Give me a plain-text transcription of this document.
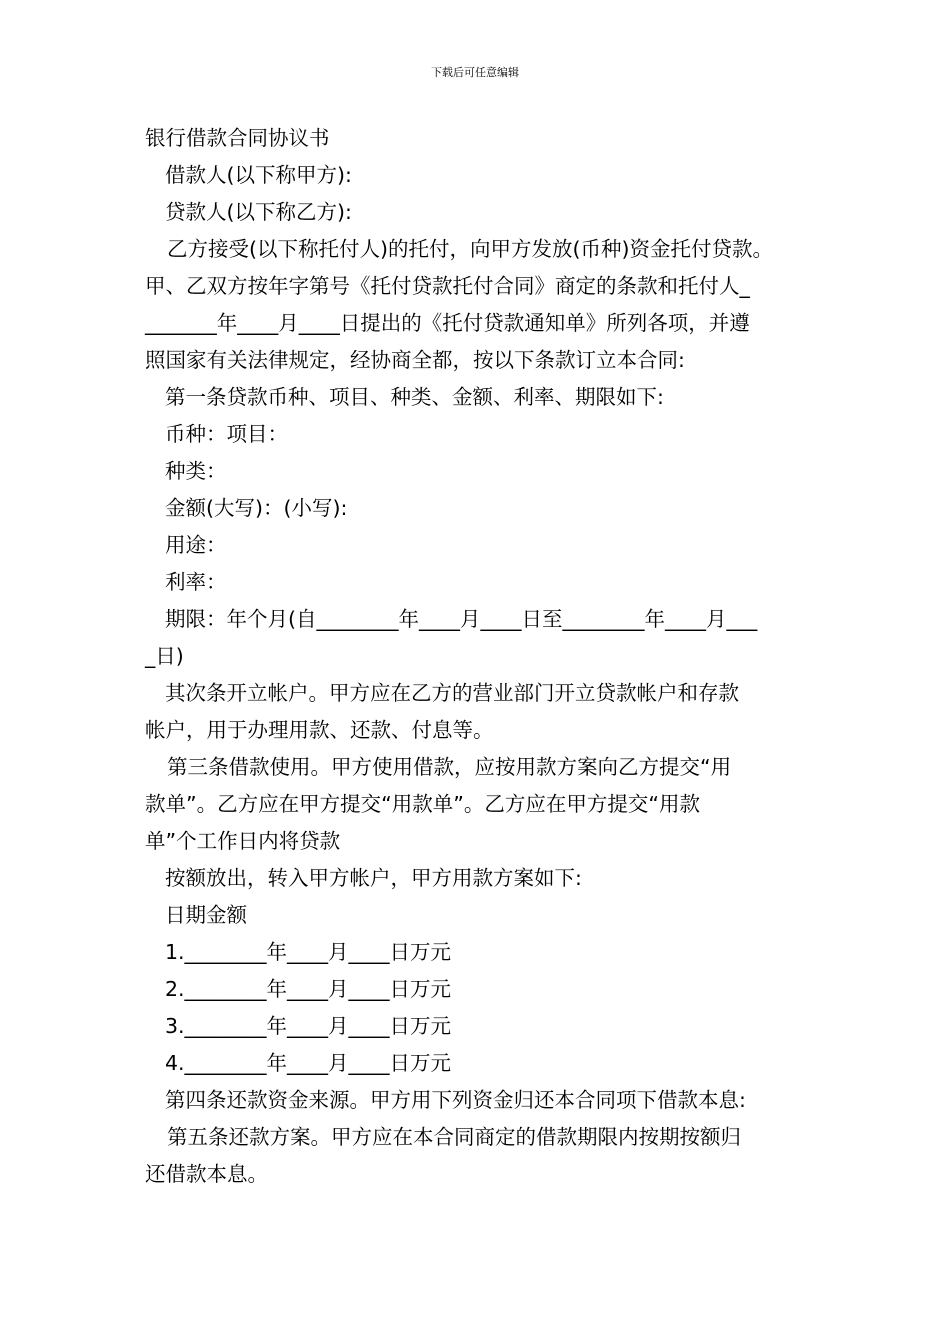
下载后可任意编辑
银行借款合同协议书
借款人(以下称甲方):
贷款人(以下称乙方):
乙方接受(以下称托付人)的托付，向甲方发放(币种)资金托付贷款。
甲、乙双方按年字第号《托付贷款托付合同》商定的条款和托付人_
_______年____月____日提出的《托付贷款通知单》所列各项，并遵
照国家有关法律规定，经协商全都，按以下条款订立本合同:
第一条贷款币种、项目、种类、金额、利率、期限如下:
币种：项目：
种类：
金额(大写)：(小写):
用途：
利率：
期限：年个月(自________年____月____日至________年____月___
_日)
其次条开立帐户。甲方应在乙方的营业部门开立贷款帐户和存款
帐户，用于办理用款、还款、付息等。
第三条借款使用。甲方使用借款，应按用款方案向乙方提交“用
款单”。乙方应在甲方提交“用款单”。乙方应在甲方提交“用款
单”个工作日内将贷款
按额放出，转入甲方帐户，甲方用款方案如下:
日期金额
1.________年____月____日万元
2.________年____月____日万元
3.________年____月____日万元
4.________年____月____日万元
第四条还款资金来源。甲方用下列资金归还本合同项下借款本息:
第五条还款方案。甲方应在本合同商定的借款期限内按期按额归
还借款本息。
